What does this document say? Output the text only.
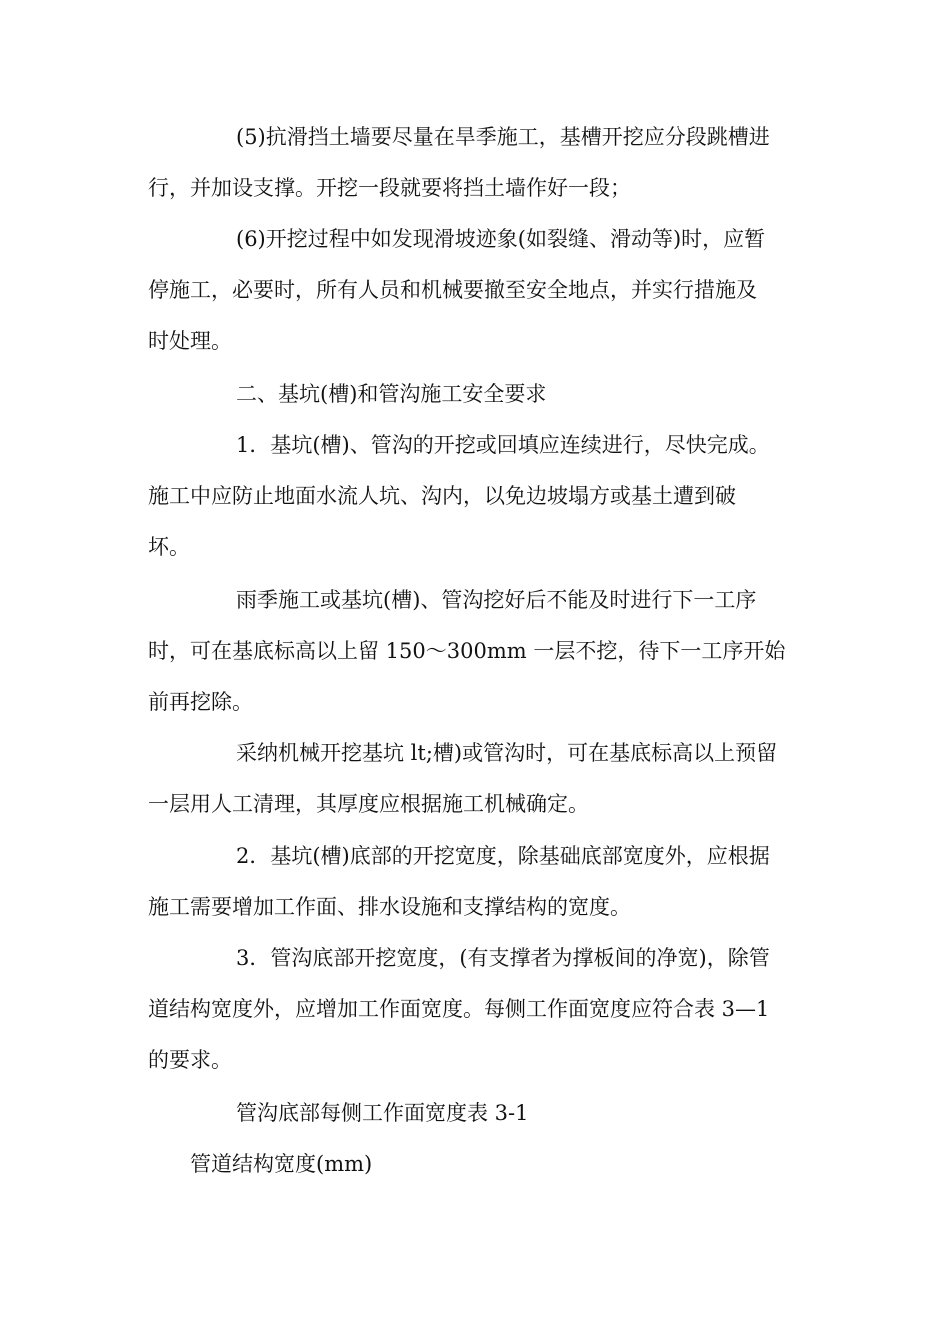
(5)抗滑挡土墙要尽量在旱季施工，基槽开挖应分段跳槽进
行，并加设支撑。开挖一段就要将挡土墙作好一段；
(6)开挖过程中如发现滑坡迹象(如裂缝、滑动等)时，应暂
停施工，必要时，所有人员和机械要撤至安全地点，并实行措施及
时处理。
二、基坑(槽)和管沟施工安全要求
1．基坑(槽)、管沟的开挖或回填应连续进行，尽快完成。
施工中应防止地面水流人坑、沟内，以免边坡塌方或基土遭到破
坏。
雨季施工或基坑(槽)、管沟挖好后不能及时进行下一工序
时，可在基底标高以上留 150～300mm 一层不挖，待下一工序开始
前再挖除。
采纳机械开挖基坑 lt;槽)或管沟时，可在基底标高以上预留
一层用人工清理，其厚度应根据施工机械确定。
2．基坑(槽)底部的开挖宽度，除基础底部宽度外，应根据
施工需要增加工作面、排水设施和支撑结构的宽度。
3．管沟底部开挖宽度，(有支撑者为撑板间的净宽)，除管
道结构宽度外，应增加工作面宽度。每侧工作面宽度应符合表 3—1
的要求。
管沟底部每侧工作面宽度表 3-1
管道结构宽度(mm)
